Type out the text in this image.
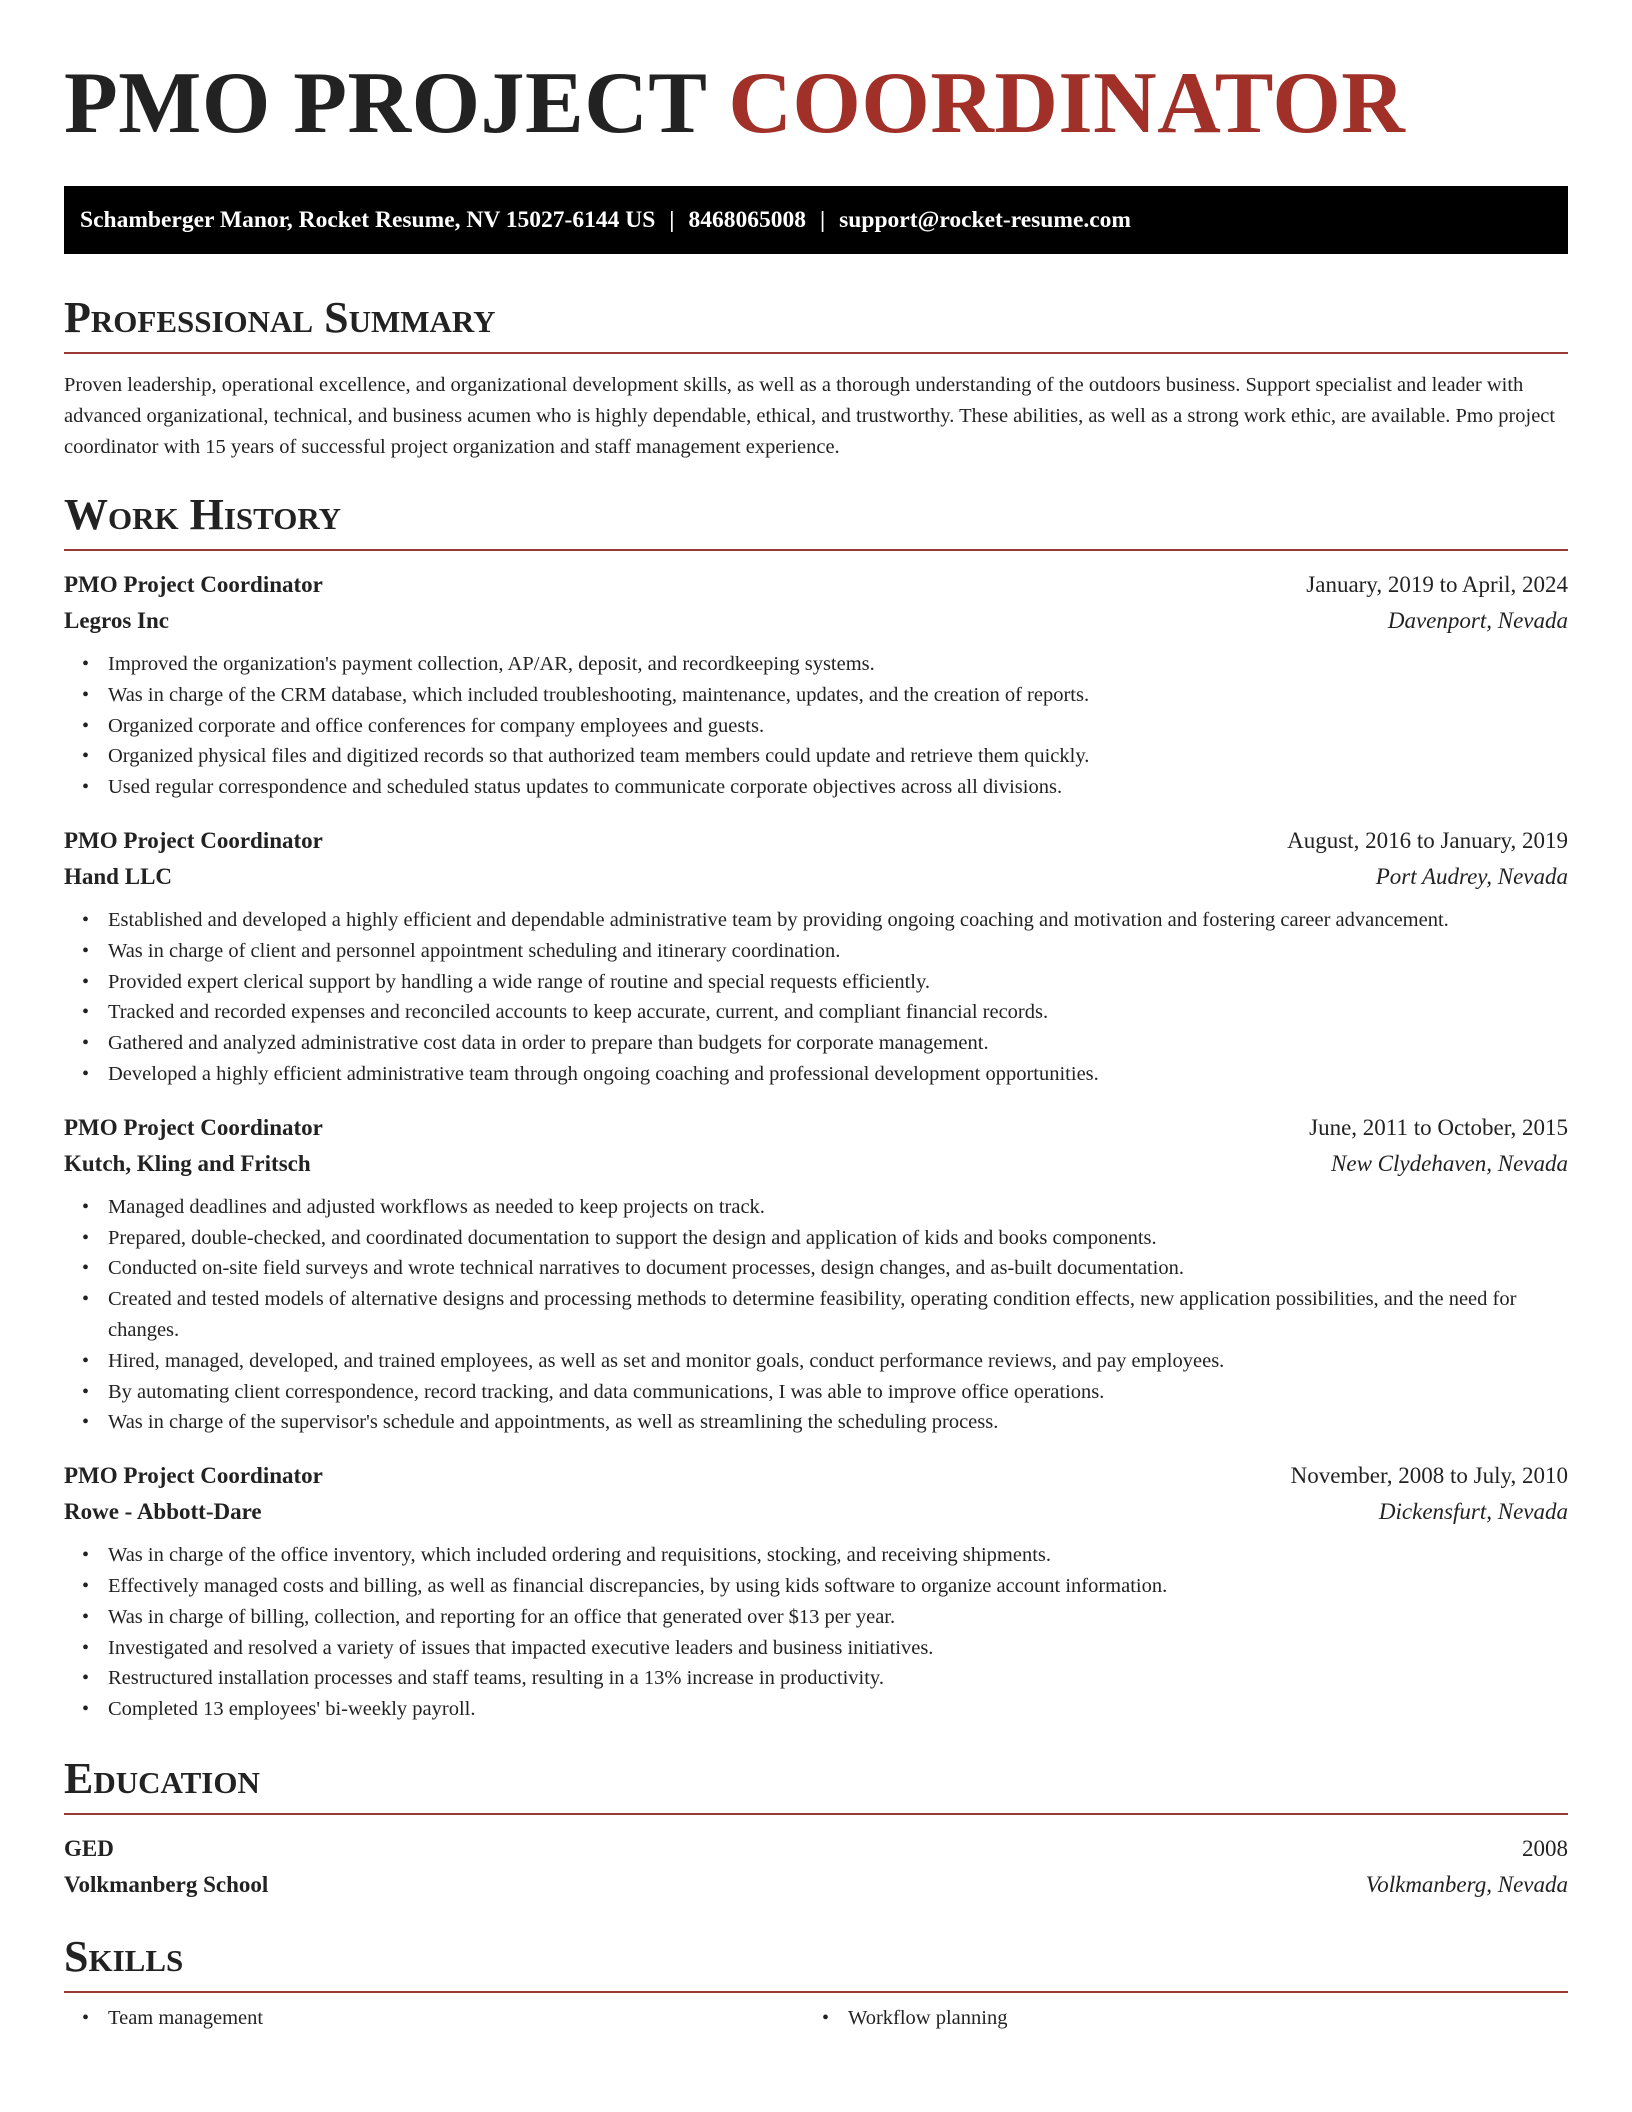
PMO PROJECT COORDINATOR
Schamberger Manor, Rocket Resume, NV 15027-6144 US | 8468065008 | support@rocket-resume.com
Professional Summary

Proven leadership, operational excellence, and organizational development skills, as well as a thorough understanding of the outdoors business. Support specialist and leader with advanced organizational, technical, and business acumen who is highly dependable, ethical, and trustworthy. These abilities, as well as a strong work ethic, are available. Pmo project coordinator with 15 years of successful project organization and staff management experience.

Work History
PMO Project Coordinator	January, 2019 to April, 2024
Legros Inc	Davenport, Nevada
• Improved the organization's payment collection, AP/AR, deposit, and recordkeeping systems.
• Was in charge of the CRM database, which included troubleshooting, maintenance, updates, and the creation of reports.
• Organized corporate and office conferences for company employees and guests.
• Organized physical files and digitized records so that authorized team members could update and retrieve them quickly.
• Used regular correspondence and scheduled status updates to communicate corporate objectives across all divisions.
PMO Project Coordinator	August, 2016 to January, 2019
Hand LLC	Port Audrey, Nevada
• Established and developed a highly efficient and dependable administrative team by providing ongoing coaching and motivation and fostering career advancement.
• Was in charge of client and personnel appointment scheduling and itinerary coordination.
• Provided expert clerical support by handling a wide range of routine and special requests efficiently.
• Tracked and recorded expenses and reconciled accounts to keep accurate, current, and compliant financial records.
• Gathered and analyzed administrative cost data in order to prepare than budgets for corporate management.
• Developed a highly efficient administrative team through ongoing coaching and professional development opportunities.
PMO Project Coordinator	June, 2011 to October, 2015
Kutch, Kling and Fritsch	New Clydehaven, Nevada
• Managed deadlines and adjusted workflows as needed to keep projects on track.
• Prepared, double-checked, and coordinated documentation to support the design and application of kids and books components.
• Conducted on-site field surveys and wrote technical narratives to document processes, design changes, and as-built documentation.
• Created and tested models of alternative designs and processing methods to determine feasibility, operating condition effects, new application possibilities, and the need for changes.
• Hired, managed, developed, and trained employees, as well as set and monitor goals, conduct performance reviews, and pay employees.
• By automating client correspondence, record tracking, and data communications, I was able to improve office operations.
• Was in charge of the supervisor's schedule and appointments, as well as streamlining the scheduling process.
PMO Project Coordinator	November, 2008 to July, 2010
Rowe - Abbott-Dare	Dickensfurt, Nevada
• Was in charge of the office inventory, which included ordering and requisitions, stocking, and receiving shipments.
• Effectively managed costs and billing, as well as financial discrepancies, by using kids software to organize account information.
• Was in charge of billing, collection, and reporting for an office that generated over $13 per year.
• Investigated and resolved a variety of issues that impacted executive leaders and business initiatives.
• Restructured installation processes and staff teams, resulting in a 13% increase in productivity.
• Completed 13 employees' bi-weekly payroll.
Education
GED	2008
Volkmanberg School	Volkmanberg, Nevada
Skills
• Team management
•	Workflow planning
